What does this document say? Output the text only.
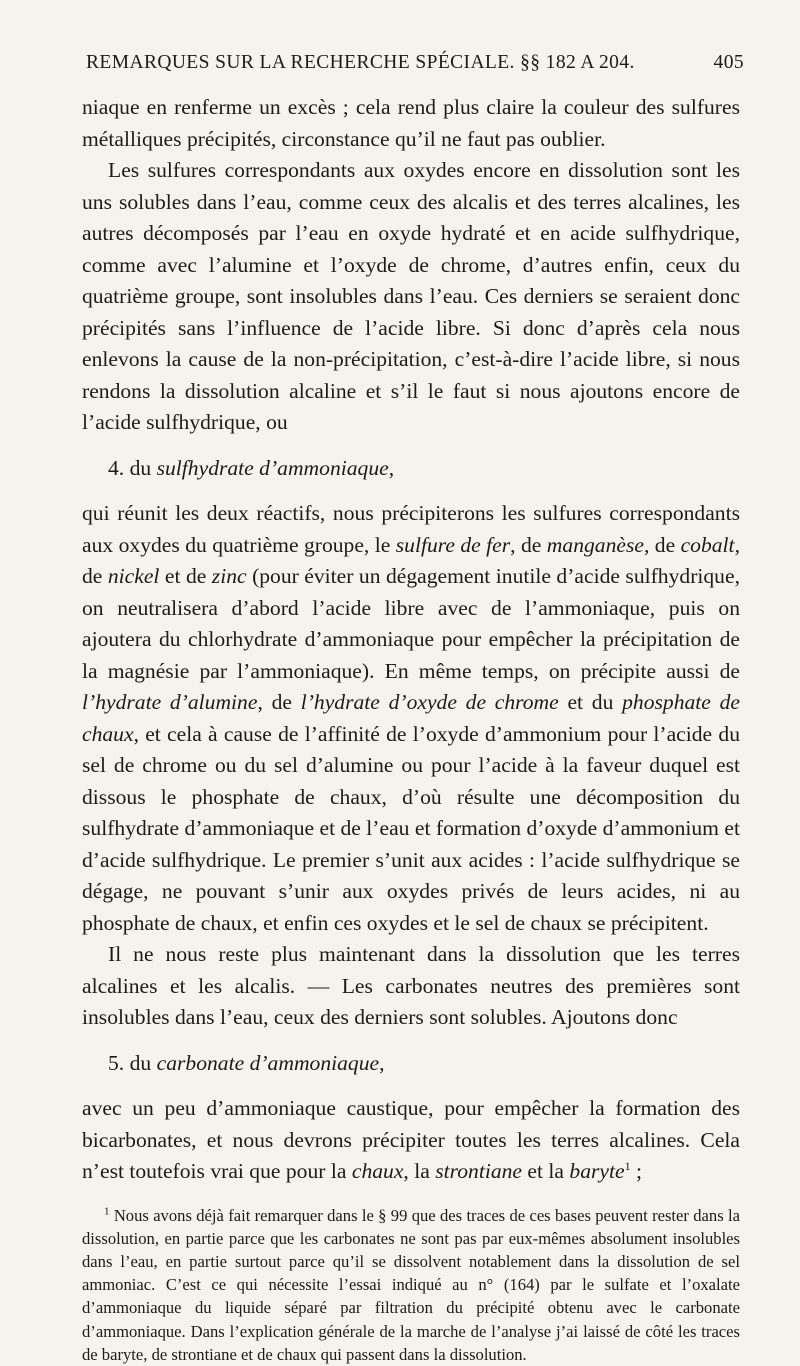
REMARQUES SUR LA RECHERCHE SPÉCIALE. §§ 182 A 204.	405

niaque en renferme un excès ; cela rend plus claire la couleur des sulfures métalliques précipités, circonstance qu’il ne faut pas oublier.

Les sulfures correspondants aux oxydes encore en dissolution sont les uns solubles dans l’eau, comme ceux des alcalis et des terres alcalines, les autres décomposés par l’eau en oxyde hydraté et en acide sulfhydrique, comme avec l’alumine et l’oxyde de chrome, d’autres enfin, ceux du quatrième groupe, sont insolubles dans l’eau. Ces derniers se seraient donc précipités sans l’influence de l’acide libre. Si donc d’après cela nous enlevons la cause de la non-précipitation, c’est-à-dire l’acide libre, si nous rendons la dissolution alcaline et s’il le faut si nous ajoutons encore de l’acide sulfhydrique, ou

4. du sulfhydrate d’ammoniaque,

qui réunit les deux réactifs, nous précipiterons les sulfures correspondants aux oxydes du quatrième groupe, le sulfure de fer, de manganèse, de cobalt, de nickel et de zinc (pour éviter un dégagement inutile d’acide sulfhydrique, on neutralisera d’abord l’acide libre avec de l’ammoniaque, puis on ajoutera du chlorhydrate d’ammoniaque pour empêcher la précipitation de la magnésie par l’ammoniaque). En même temps, on précipite aussi de l’hydrate d’alumine, de l’hydrate d’oxyde de chrome et du phosphate de chaux, et cela à cause de l’affinité de l’oxyde d’ammonium pour l’acide du sel de chrome ou du sel d’alumine ou pour l’acide à la faveur duquel est dissous le phosphate de chaux, d’où résulte une décomposition du sulfhydrate d’ammoniaque et de l’eau et formation d’oxyde d’ammonium et d’acide sulfhydrique. Le premier s’unit aux acides : l’acide sulfhydrique se dégage, ne pouvant s’unir aux oxydes privés de leurs acides, ni au phosphate de chaux, et enfin ces oxydes et le sel de chaux se précipitent.

Il ne nous reste plus maintenant dans la dissolution que les terres alcalines et les alcalis. — Les carbonates neutres des premières sont insolubles dans l’eau, ceux des derniers sont solubles. Ajoutons donc

5. du carbonate d’ammoniaque,

avec un peu d’ammoniaque caustique, pour empêcher la formation des bicarbonates, et nous devrons précipiter toutes les terres alcalines. Cela n’est toutefois vrai que pour la chaux, la strontiane et la baryte$^1$ ;

$^1$ Nous avons déjà fait remarquer dans le § 99 que des traces de ces bases peuvent rester dans la dissolution, en partie parce que les carbonates ne sont pas par eux-mêmes absolument insolubles dans l’eau, en partie surtout parce qu’il se dissolvent notablement dans la dissolution de sel ammoniac. C’est ce qui nécessite l’essai indiqué au n° (164) par le sulfate et l’oxalate d’ammoniaque du liquide séparé par filtration du précipité obtenu avec le carbonate d’ammoniaque. Dans l’explication générale de la marche de l’analyse j’ai laissé de côté les traces de baryte, de strontiane et de chaux qui passent dans la dissolution.
